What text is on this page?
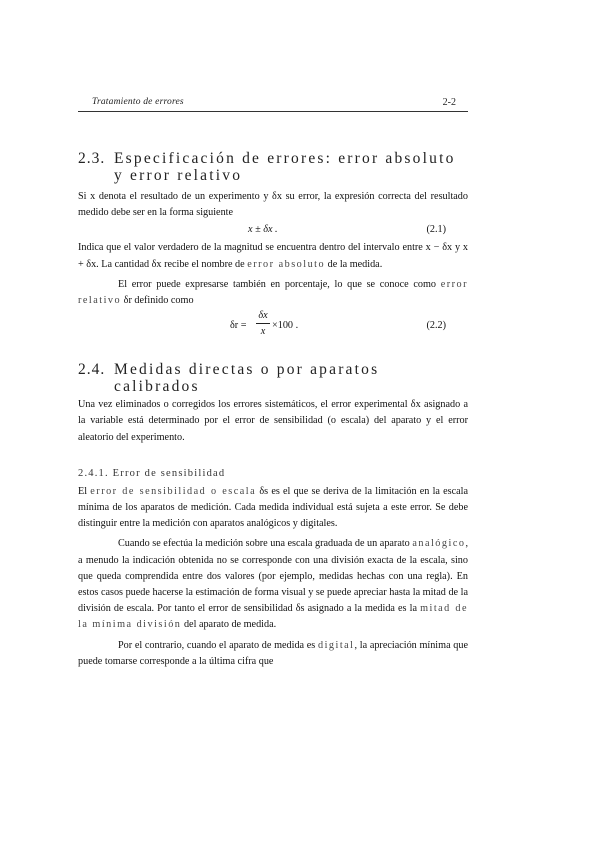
Tratamiento de errores	2-2
2.3. Especificación de errores: error absoluto
y error relativo

Si x denota el resultado de un experimento y δx su error, la expresión correcta del resultado medido debe ser en la forma siguiente

x ± δx .	(2.1)

Indica que el valor verdadero de la magnitud se encuentra dentro del intervalo entre x − δx y x + δx. La cantidad δx recibe el nombre de error absoluto de la medida.

El error puede expresarse también en porcentaje, lo que se conoce como error relativo δr definido como

δr =
δx
x
×100 .	(2.2)
2.4. Medidas directas o por aparatos
calibrados

Una vez eliminados o corregidos los errores sistemáticos, el error experimental δx asignado a la variable está determinado por el error de sensibilidad (o escala) del aparato y el error aleatorio del experimento.

2.4.1. Error de sensibilidad

El error de sensibilidad o escala δs es el que se deriva de la limitación en la escala mínima de los aparatos de medición. Cada medida individual está sujeta a este error. Se debe distinguir entre la medición con aparatos analógicos y digitales.

Cuando se efectúa la medición sobre una escala graduada de un aparato analógico, a menudo la indicación obtenida no se corresponde con una división exacta de la escala, sino que queda comprendida entre dos valores (por ejemplo, medidas hechas con una regla). En estos casos puede hacerse la estimación de forma visual y se puede apreciar hasta la mitad de la división de escala. Por tanto el error de sensibilidad δs asignado a la medida es la mitad de la mínima división del aparato de medida.

Por el contrario, cuando el aparato de medida es digital, la apreciación mínima que puede tomarse corresponde a la última cifra que
